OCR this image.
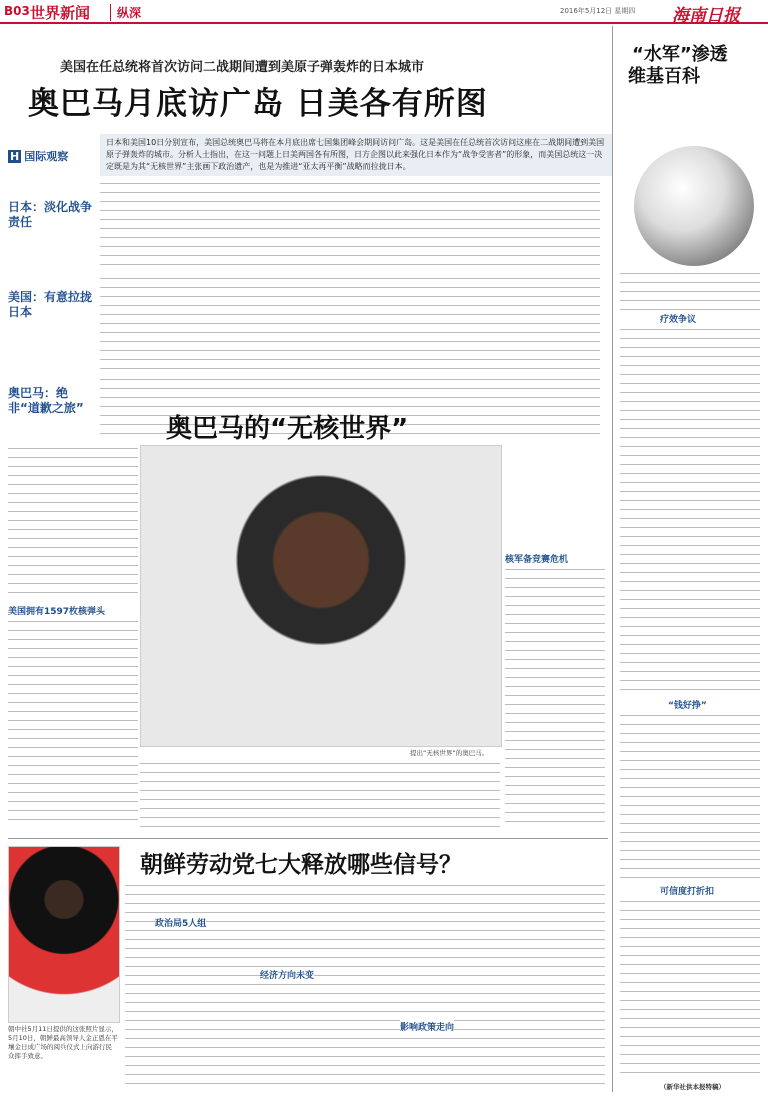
B03 世界新闻	纵深	2016年5月12日 星期四 海南日报
美国在任总统将首次访问二战期间遭到美原子弹轰炸的日本城市
奥巴马月底访广岛 日美各有所图
日本和美国10日分别宣布，美国总统奥巴马将在本月底出席七国集团峰会期间访问广岛。这是美国在任总统首次访问这座在二战期间遭到美国原子弹轰炸的城市。分析人士指出，在这一问题上日美两国各有所图，日方企图以此来强化日本作为“战争受害者”的形象，而美国总统这一决定既是为其“无核世界”主张画下政治遗产，也是为推进“亚太再平衡”战略而拉拢日本。
H 国际观察
日本：淡化战争责任
美国：有意拉拢日本
奥巴马：绝非“道歉之旅”
奥巴马的“无核世界”
美国拥有1597枚核弹头
提出“无核世界”的奥巴马。
核军备竞赛危机
朝鲜劳动党七大释放哪些信号？
朝中社5月11日提供的这张照片显示，5月10日，朝鲜最高领导人金正恩在平壤金日成广场的阅兵仪式上向游行民众挥手致意。
政治局5人组
经济方向未变
影响政策走向
“水军”渗透
维基百科
疗效争议
“钱好挣”
可信度打折扣
（新华社供本报特稿）
